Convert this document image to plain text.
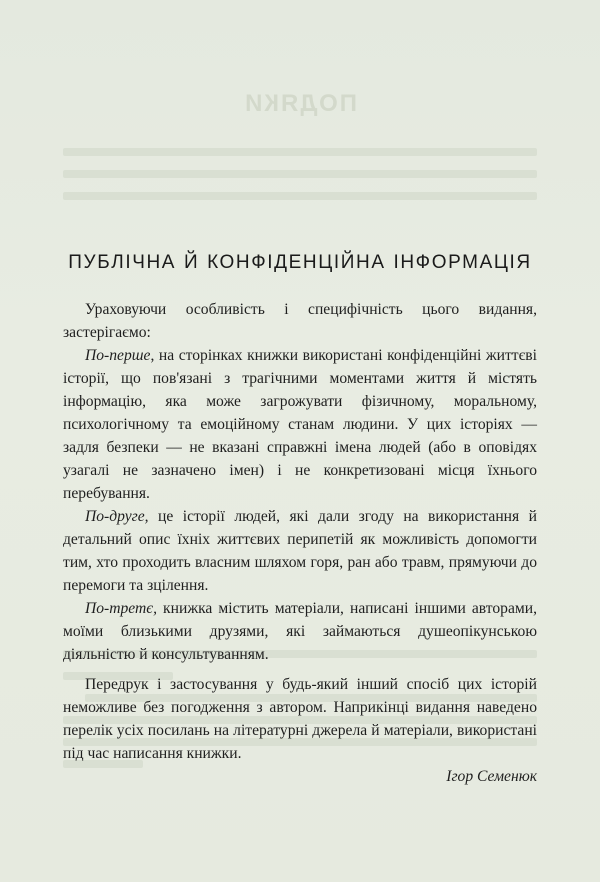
ПОДЯКИ
ПУБЛІЧНА Й КОНФІДЕНЦІЙНА ІНФОРМАЦІЯ

Ураховуючи особливість і специфічність цього видання, застерігаємо:

По-перше, на сторінках книжки використані конфіденційні життєві історії, що пов'язані з трагічними моментами життя й містять інформацію, яка може загрожувати фізичному, моральному, психологічному та емоційному станам людини. У цих історіях — задля безпеки — не вказані справжні імена людей (або в оповідях узагалі не зазначено імен) і не конкретизовані місця їхнього перебування.

По-друге, це історії людей, які дали згоду на використання й детальний опис їхніх життєвих перипетій як можливість допомогти тим, хто проходить власним шляхом горя, ран або травм, прямуючи до перемоги та зцілення.

По-третє, книжка містить матеріали, написані іншими авторами, моїми близькими друзями, які займаються душеопікунською діяльністю й консультуванням.

Передрук і застосування у будь-який інший спосіб цих історій неможливе без погодження з автором. Наприкінці видання наведено перелік усіх посилань на літературні джерела й матеріали, використані під час написання книжки.

Ігор Семенюк
